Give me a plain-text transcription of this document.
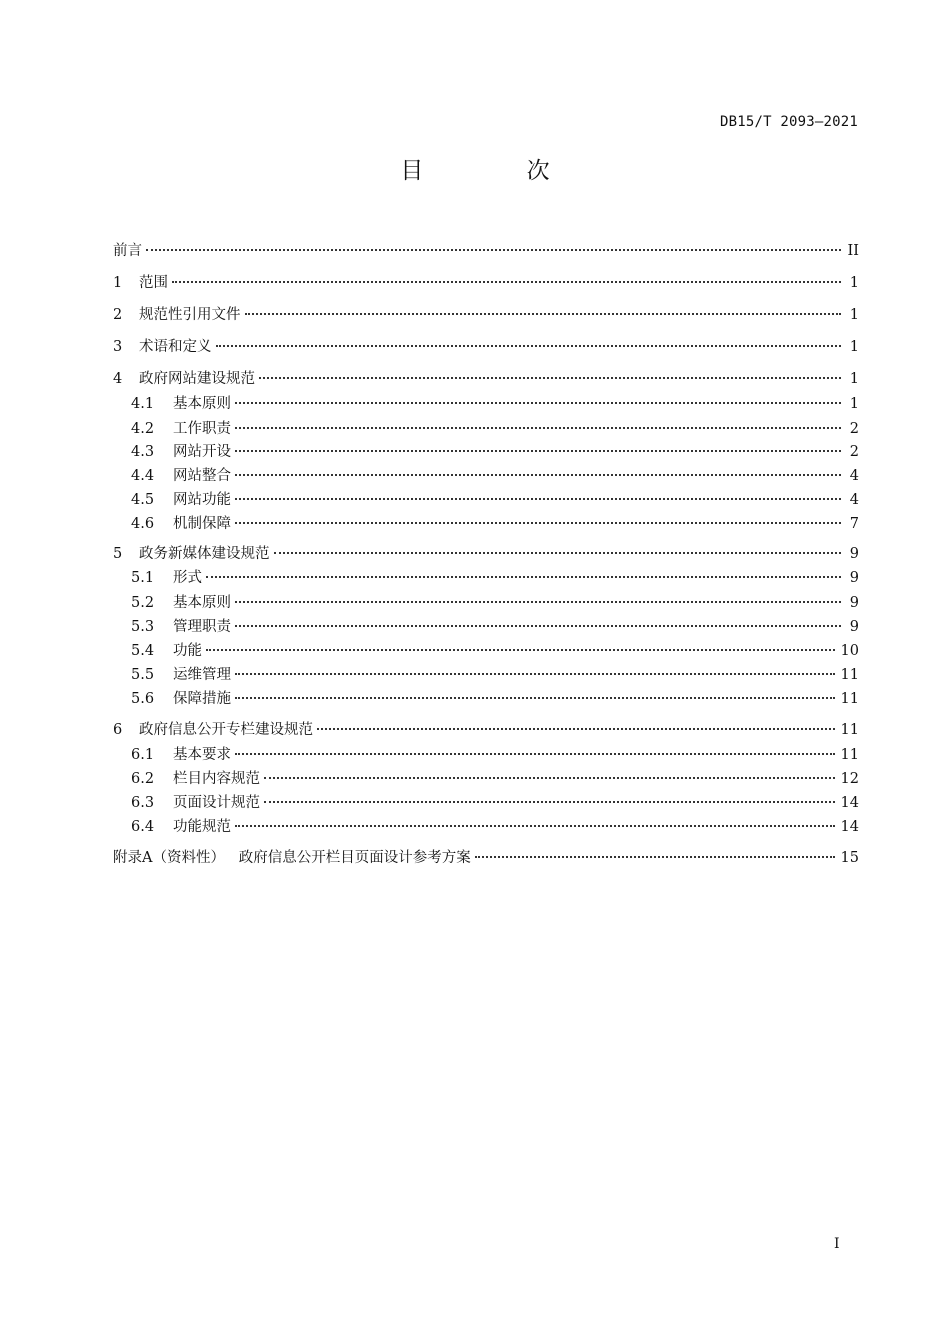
DB15/T 2093—2021
目 次
前言	II
1	范围	1
2	规范性引用文件	1
3	术语和定义	1
4	政府网站建设规范	1
4.1	基本原则	1
4.2	工作职责	2
4.3	网站开设	2
4.4	网站整合	4
4.5	网站功能	4
4.6	机制保障	7
5	政务新媒体建设规范	9
5.1	形式	9
5.2	基本原则	9
5.3	管理职责	9
5.4	功能	10
5.5	运维管理	11
5.6	保障措施	11
6	政府信息公开专栏建设规范	11
6.1	基本要求	11
6.2	栏目内容规范	12
6.3	页面设计规范	14
6.4	功能规范	14
附录A（资料性）   政府信息公开栏目页面设计参考方案	15
I
